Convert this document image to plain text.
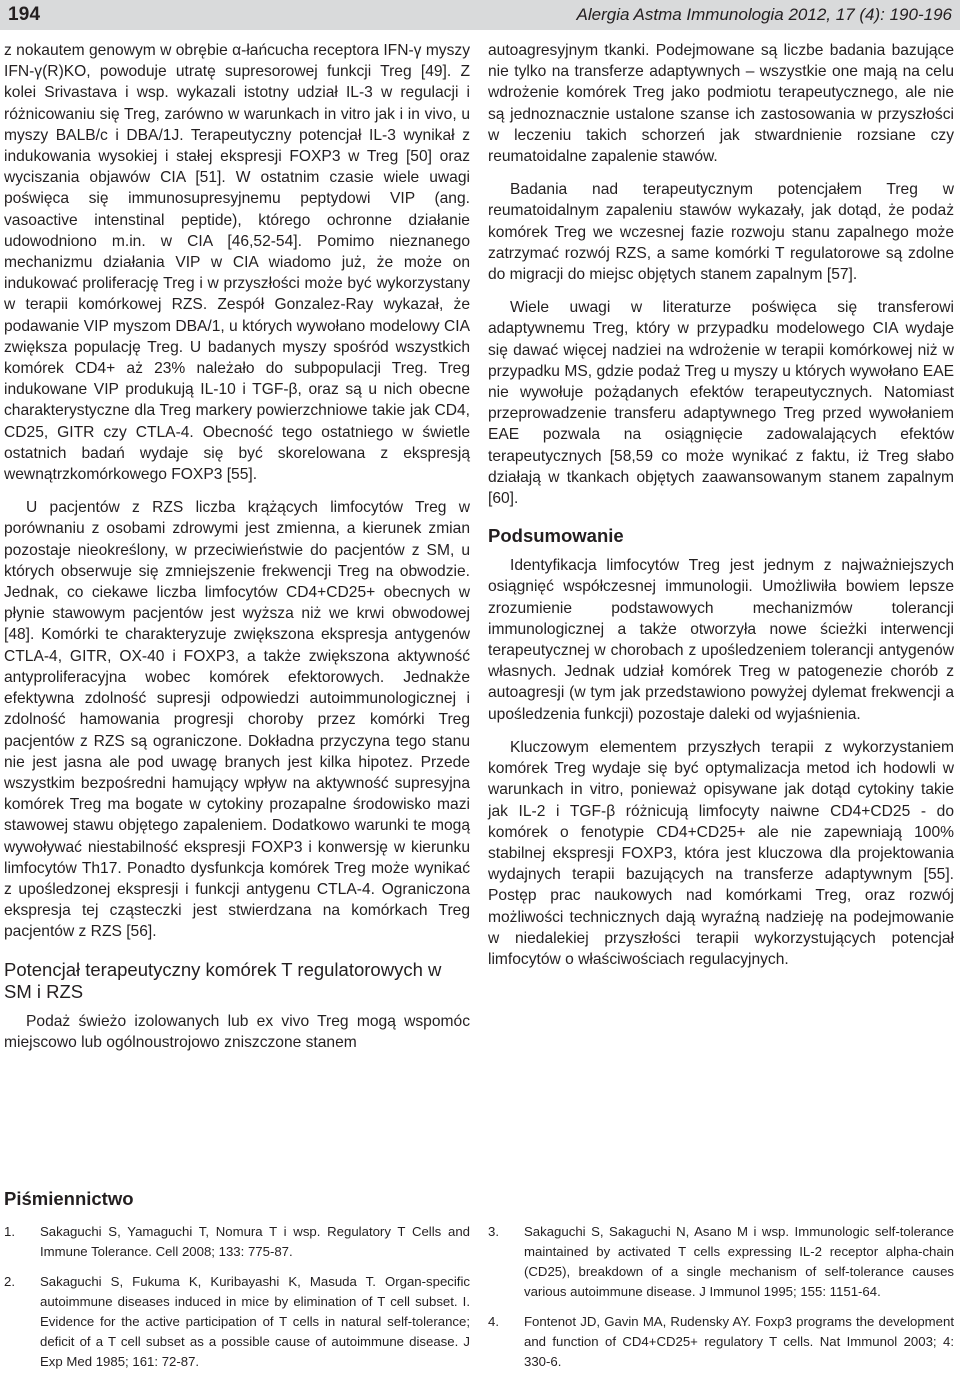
194	Alergia Astma Immunologia 2012, 17 (4): 190-196

z nokautem genowym w obrębie α-łańcucha receptora IFN-γ myszy IFN-γ(R)KO, powoduje utratę supresorowej funkcji Treg [49]. Z kolei Srivastava i wsp. wykazali istotny udział IL-3 w regulacji i różnicowaniu się Treg, zarówno w warunkach in vitro jak i in vivo, u myszy BALB/c i DBA/1J. Terapeutyczny potencjał IL-3 wynikał z indukowania wysokiej i stałej ekspresji FOXP3 w Treg [50] oraz wyciszania objawów CIA [51]. W ostatnim czasie wiele uwagi poświęca się immunosupresyjnemu peptydowi VIP (ang. vasoactive intenstinal peptide), którego ochronne działanie udowodniono m.in. w CIA [46,52-54]. Pomimo nieznanego mechanizmu działania VIP w CIA wiadomo już, że może on indukować proliferację Treg i w przyszłości może być wykorzystany w terapii komórkowej RZS. Zespół Gonzalez-Ray wykazał, że podawanie VIP myszom DBA/1, u których wywołano modelowy CIA zwiększa populację Treg. U badanych myszy spośród wszystkich komórek CD4+ aż 23% należało do subpopulacji Treg. Treg indukowane VIP produkują IL-10 i TGF-β, oraz są u nich obecne charakterystyczne dla Treg markery powierzchniowe takie jak CD4, CD25, GITR czy CTLA-4. Obecność tego ostatniego w świetle ostatnich badań wydaje się być skorelowana z ekspresją wewnątrzkomórkowego FOXP3 [55].

U pacjentów z RZS liczba krążących limfocytów Treg w porównaniu z osobami zdrowymi jest zmienna, a kierunek zmian pozostaje nieokreślony, w przeciwieństwie do pacjentów z SM, u których obserwuje się zmniejszenie frekwencji Treg na obwodzie. Jednak, co ciekawe liczba limfocytów CD4+CD25+ obecnych w płynie stawowym pacjentów jest wyższa niż we krwi obwodowej [48]. Komórki te charakteryzuje zwiększona ekspresja antygenów CTLA-4, GITR, OX-40 i FOXP3, a także zwiększona aktywność antyproliferacyjna wobec komórek efektorowych. Jednakże efektywna zdolność supresji odpowiedzi autoimmunologicznej i zdolność hamowania progresji choroby przez komórki Treg pacjentów z RZS są ograniczone. Dokładna przyczyna tego stanu nie jest jasna ale pod uwagę branych jest kilka hipotez. Przede wszystkim bezpośredni hamujący wpływ na aktywność supresyjna komórek Treg ma bogate w cytokiny prozapalne środowisko mazi stawowej stawu objętego zapaleniem. Dodatkowo warunki te mogą wywoływać niestabilność ekspresji FOXP3 i konwersję w kierunku limfocytów Th17. Ponadto dysfunkcja komórek Treg może wynikać z upośledzonej ekspresji i funkcji antygenu CTLA-4. Ograniczona ekspresja tej cząsteczki jest stwierdzana na komórkach Treg pacjentów z RZS [56].

Potencjał terapeutyczny komórek T regulatorowych w SM i RZS

Podaż świeżo izolowanych lub ex vivo Treg mogą wspomóc miejscowo lub ogólnoustrojowo zniszczone stanem

autoagresyjnym tkanki. Podejmowane są liczbe badania bazujące nie tylko na transferze adaptywnych – wszystkie one mają na celu wdrożenie komórek Treg jako podmiotu terapeutycznego, ale nie są jednoznacznie ustalone szanse ich zastosowania w przyszłości w leczeniu takich schorzeń jak stwardnienie rozsiane czy reumatoidalne zapalenie stawów.

Badania nad terapeutycznym potencjałem Treg w reumatoidalnym zapaleniu stawów wykazały, jak dotąd, że podaż komórek Treg we wczesnej fazie rozwoju stanu zapalnego może zatrzymać rozwój RZS, a same komórki T regulatorowe są zdolne do migracji do miejsc objętych stanem zapalnym [57].

Wiele uwagi w literaturze poświęca się transferowi adaptywnemu Treg, który w przypadku modelowego CIA wydaje się dawać więcej nadziei na wdrożenie w terapii komórkowej niż w przypadku MS, gdzie podaż Treg u myszy u których wywołano EAE nie wywołuje pożądanych efektów terapeutycznych. Natomiast przeprowadzenie transferu adaptywnego Treg przed wywołaniem EAE pozwala na osiągnięcie zadowalających efektów terapeutycznych [58,59 co może wynikać z faktu, iż Treg słabo działają w tkankach objętych zaawansowanym stanem zapalnym [60].

Podsumowanie

Identyfikacja limfocytów Treg jest jednym z najważniejszych osiągnięć współczesnej immunologii. Umożliwiła bowiem lepsze zrozumienie podstawowych mechanizmów tolerancji immunologicznej a także otworzyła nowe ścieżki interwencji terapeutycznej w chorobach z upośledzeniem tolerancji antygenów własnych. Jednak udział komórek Treg w patogenezie chorób z autoagresji (w tym jak przedstawiono powyżej dylemat frekwencji a upośledzenia funkcji) pozostaje daleki od wyjaśnienia.

Kluczowym elementem przyszłych terapii z wykorzystaniem komórek Treg wydaje się być optymalizacja metod ich hodowli w warunkach in vitro, ponieważ opisywane jak dotąd cytokiny takie jak IL-2 i TGF-β różnicują limfocyty naiwne CD4+CD25 - do komórek o fenotypie CD4+CD25+ ale nie zapewniają 100% stabilnej ekspresji FOXP3, która jest kluczowa dla projektowania wydajnych terapii bazujących na transferze adaptywnym [55]. Postęp prac naukowych nad komórkami Treg, oraz rozwój możliwości technicznych dają wyraźną nadzieję na podejmowanie w niedalekiej przyszłości terapii wykorzystujących potencjał limfocytów o właściwościach regulacyjnych.

Piśmiennictwo
1. Sakaguchi S, Yamaguchi T, Nomura T i wsp. Regulatory T Cells and Immune Tolerance. Cell 2008; 133: 775-87.
2. Sakaguchi S, Fukuma K, Kuribayashi K, Masuda T. Organ-specific autoimmune diseases induced in mice by elimination of T cell subset. I. Evidence for the active participation of T cells in natural self-tolerance; deficit of a T cell subset as a possible cause of autoimmune disease. J Exp Med 1985; 161: 72-87.
3. Sakaguchi S, Sakaguchi N, Asano M i wsp. Immunologic self-tolerance maintained by activated T cells expressing IL-2 receptor alpha-chain (CD25), breakdown of a single mechanism of self-tolerance causes various autoimmune disease. J Immunol 1995; 155: 1151-64.
4. Fontenot JD, Gavin MA, Rudensky AY. Foxp3 programs the development and function of CD4+CD25+ regulatory T cells. Nat Immunol 2003; 4: 330-6.
